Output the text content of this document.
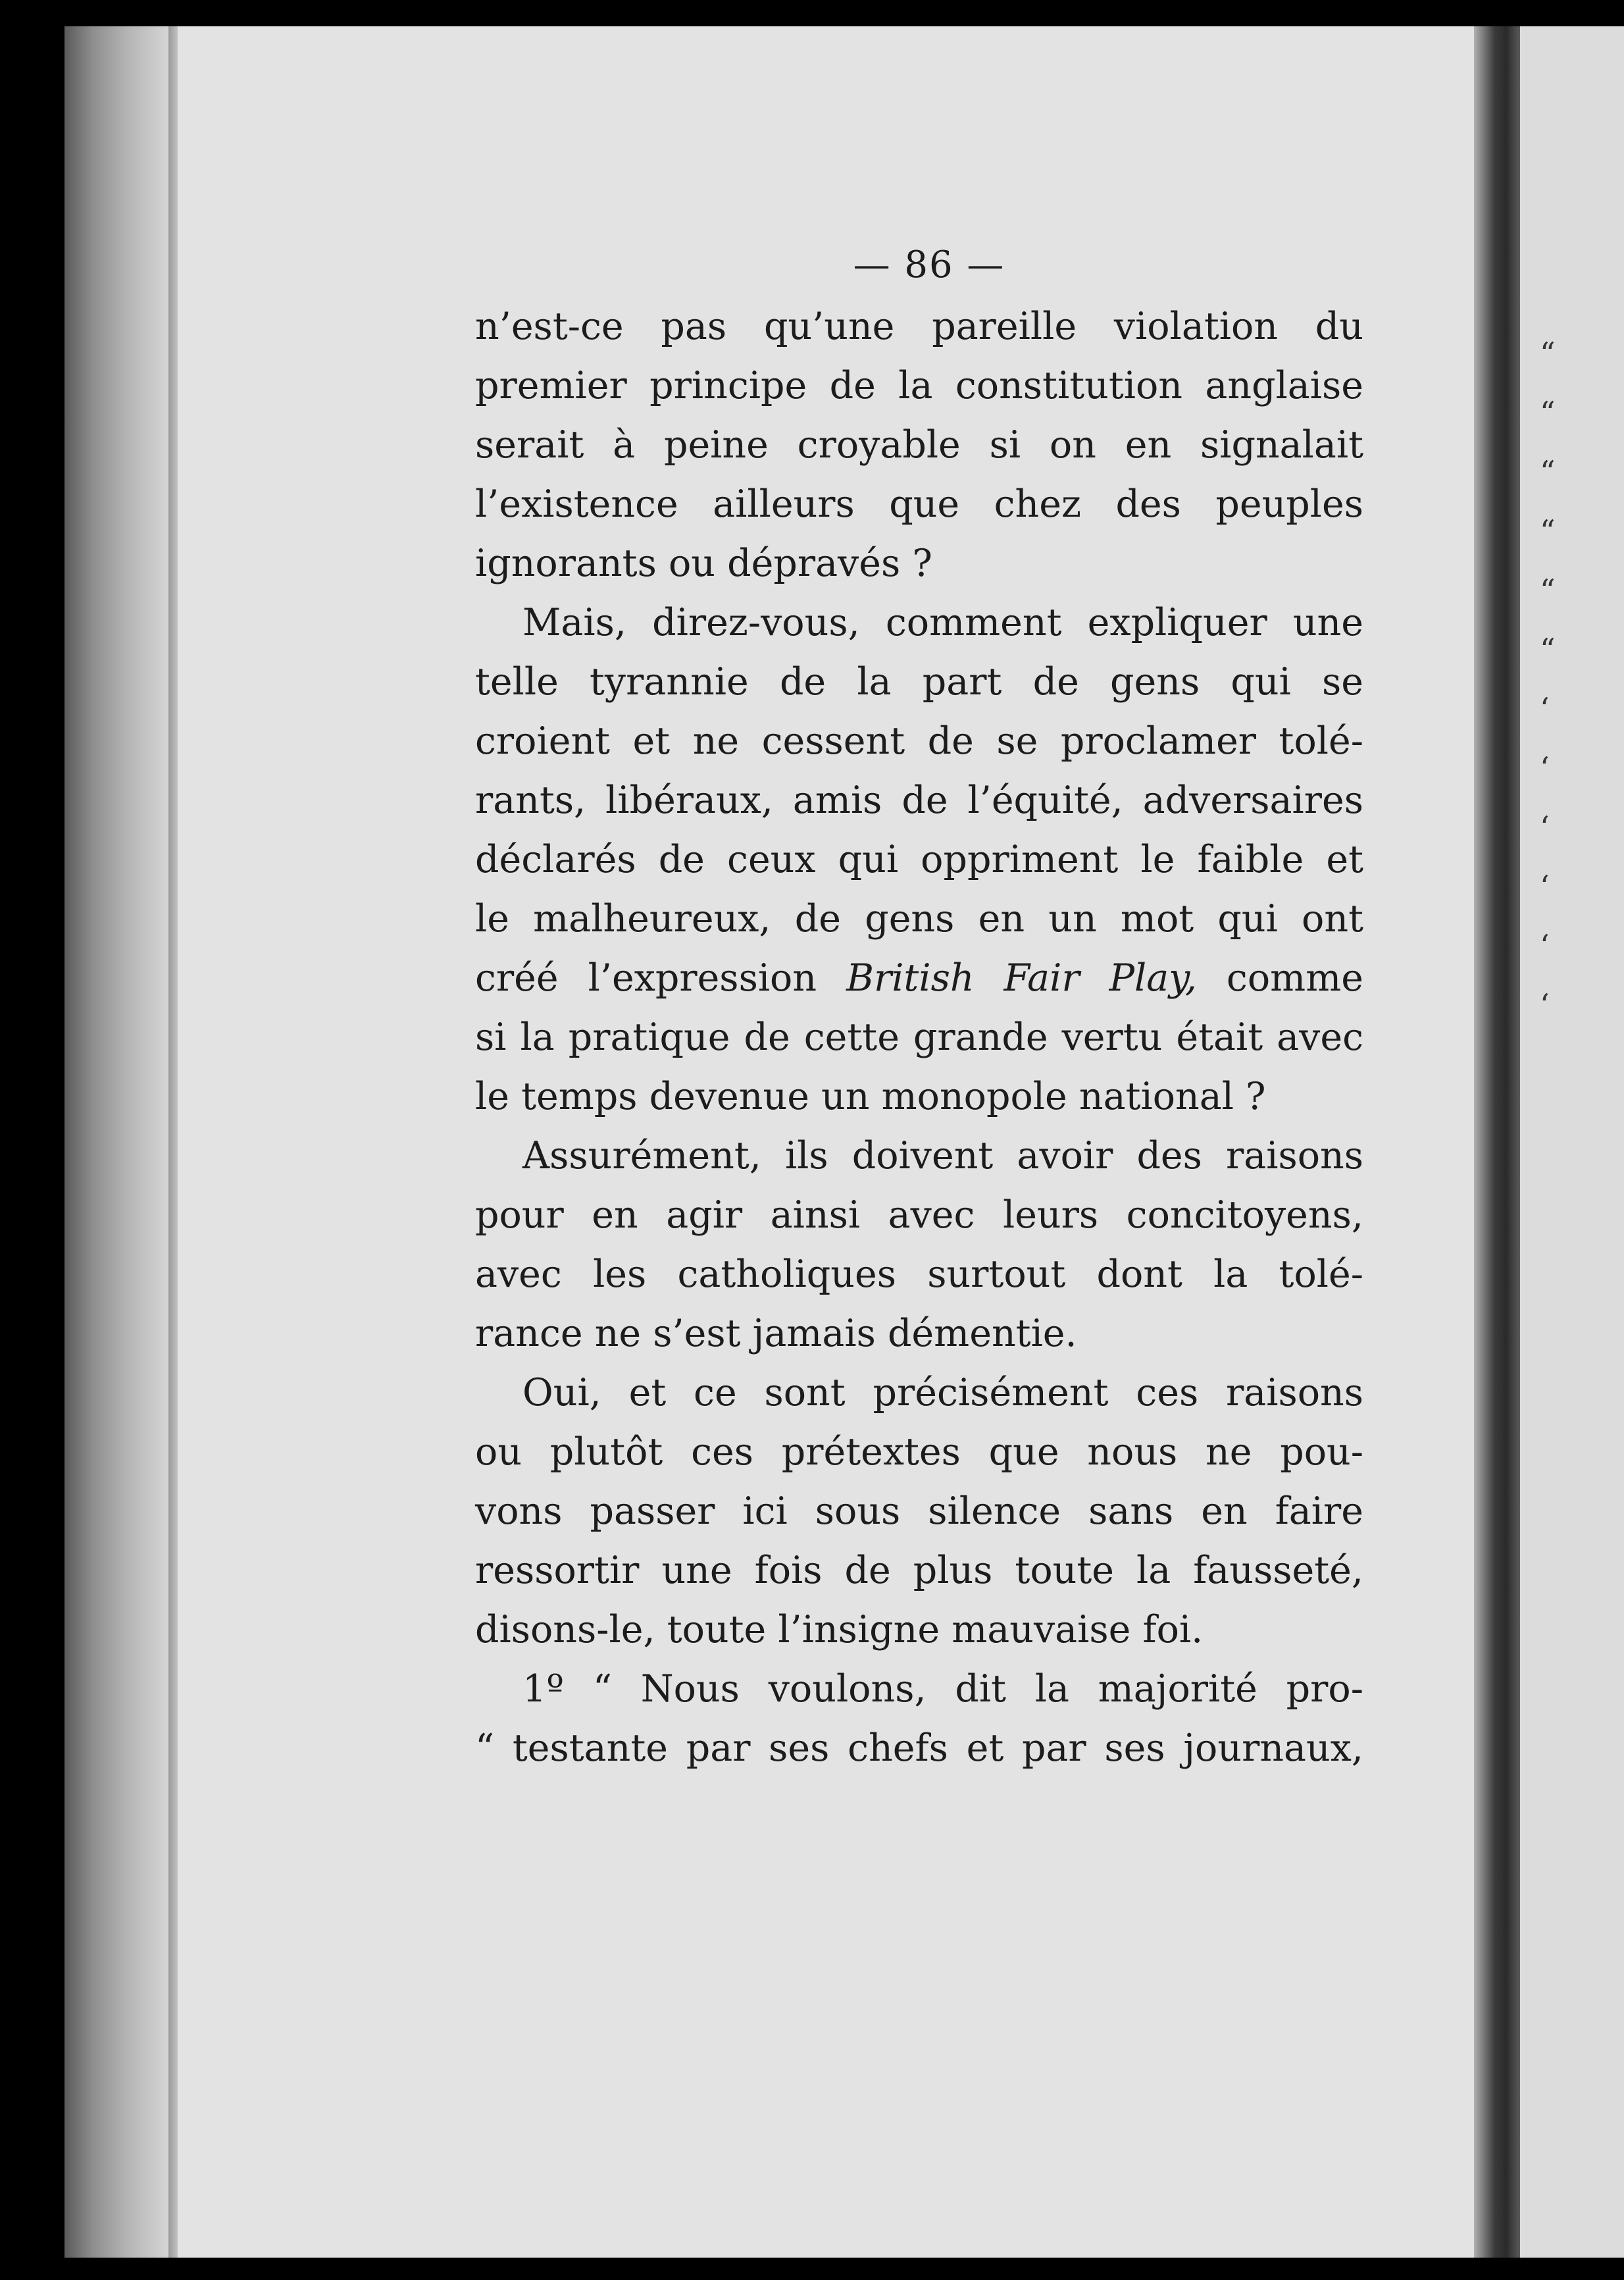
“
“
“
“
“
“
‘
‘
‘
‘
‘
‘
— 86 —
n’est-ce pas qu’une pareille violation du
premier principe de la constitution anglaise
serait à peine croyable si on en signalait
l’existence ailleurs que chez des peuples
ignorants ou dépravés ?
Mais, direz-vous, comment expliquer une
telle tyrannie de la part de gens qui se
croient et ne cessent de se proclamer tolé-
rants, libéraux, amis de l’équité, adversaires
déclarés de ceux qui oppriment le faible et
le malheureux, de gens en un mot qui ont
créé l’expression British Fair Play, comme
si la pratique de cette grande vertu était avec
le temps devenue un monopole national ?
Assurément, ils doivent avoir des raisons
pour en agir ainsi avec leurs concitoyens,
avec les catholiques surtout dont la tolé-
rance ne s’est jamais démentie.
Oui, et ce sont précisément ces raisons
ou plutôt ces prétextes que nous ne pou-
vons passer ici sous silence sans en faire
ressortir une fois de plus toute la fausseté,
disons-le, toute l’insigne mauvaise foi.
1º “ Nous voulons, dit la majorité pro-
“ testante par ses chefs et par ses journaux,
